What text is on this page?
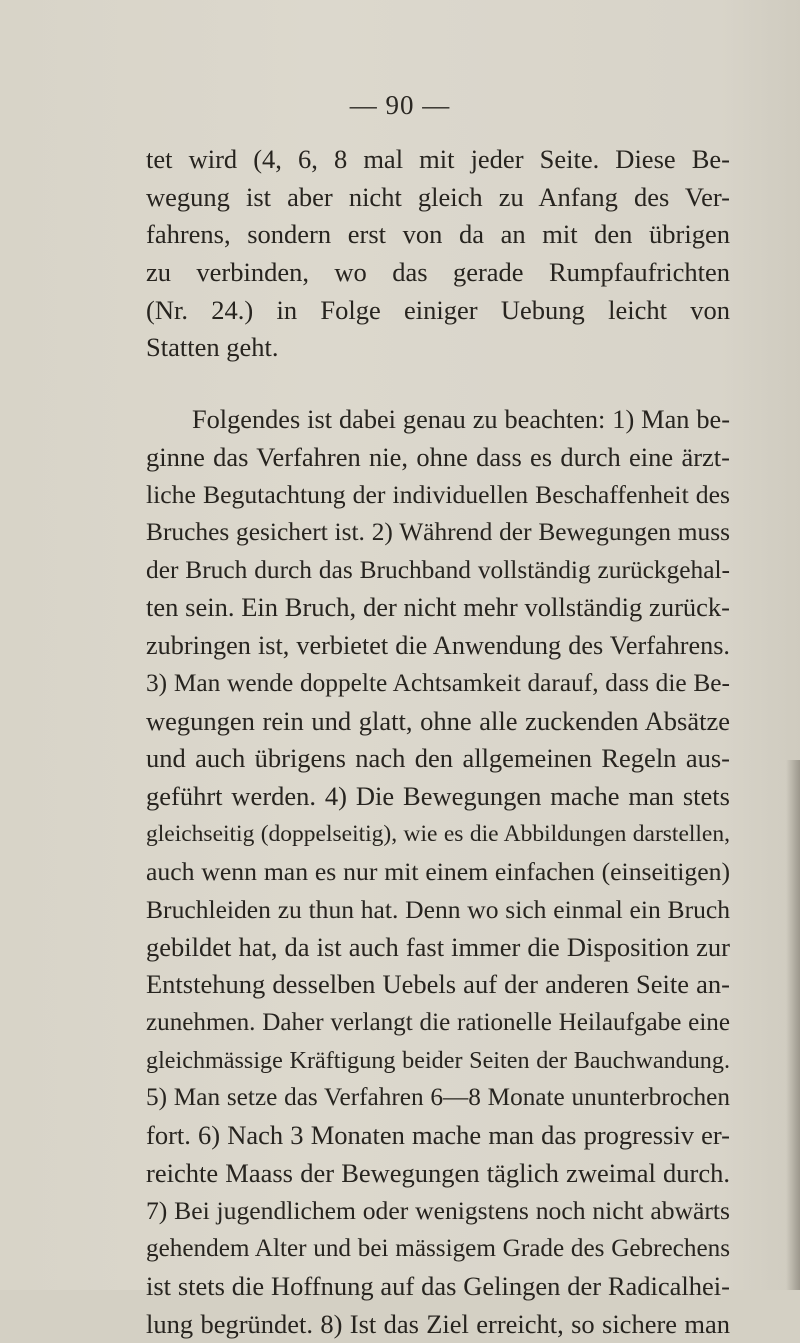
— 90 —
tet wird (4, 6, 8 mal mit jeder Seite. Diese Be-
wegung ist aber nicht gleich zu Anfang des Ver-
fahrens, sondern erst von da an mit den übrigen
zu verbinden, wo das gerade Rumpfaufrichten
(Nr. 24.) in Folge einiger Uebung leicht von
Statten geht.
Folgendes ist dabei genau zu beachten: 1) Man be-
ginne das Verfahren nie, ohne dass es durch eine ärzt-
liche Begutachtung der individuellen Beschaffenheit des
Bruches gesichert ist. 2) Während der Bewegungen muss
der Bruch durch das Bruchband vollständig zurückgehal-
ten sein. Ein Bruch, der nicht mehr vollständig zurück-
zubringen ist, verbietet die Anwendung des Verfahrens.
3) Man wende doppelte Achtsamkeit darauf, dass die Be-
wegungen rein und glatt, ohne alle zuckenden Absätze
und auch übrigens nach den allgemeinen Regeln aus-
geführt werden. 4) Die Bewegungen mache man stets
gleichseitig (doppelseitig), wie es die Abbildungen darstellen,
auch wenn man es nur mit einem einfachen (einseitigen)
Bruchleiden zu thun hat. Denn wo sich einmal ein Bruch
gebildet hat, da ist auch fast immer die Disposition zur
Entstehung desselben Uebels auf der anderen Seite an-
zunehmen. Daher verlangt die rationelle Heilaufgabe eine
gleichmässige Kräftigung beider Seiten der Bauchwandung.
5) Man setze das Verfahren 6—8 Monate ununterbrochen
fort. 6) Nach 3 Monaten mache man das progressiv er-
reichte Maass der Bewegungen täglich zweimal durch.
7) Bei jugendlichem oder wenigstens noch nicht abwärts
gehendem Alter und bei mässigem Grade des Gebrechens
ist stets die Hoffnung auf das Gelingen der Radicalhei-
lung begründet. 8) Ist das Ziel erreicht, so sichere man
